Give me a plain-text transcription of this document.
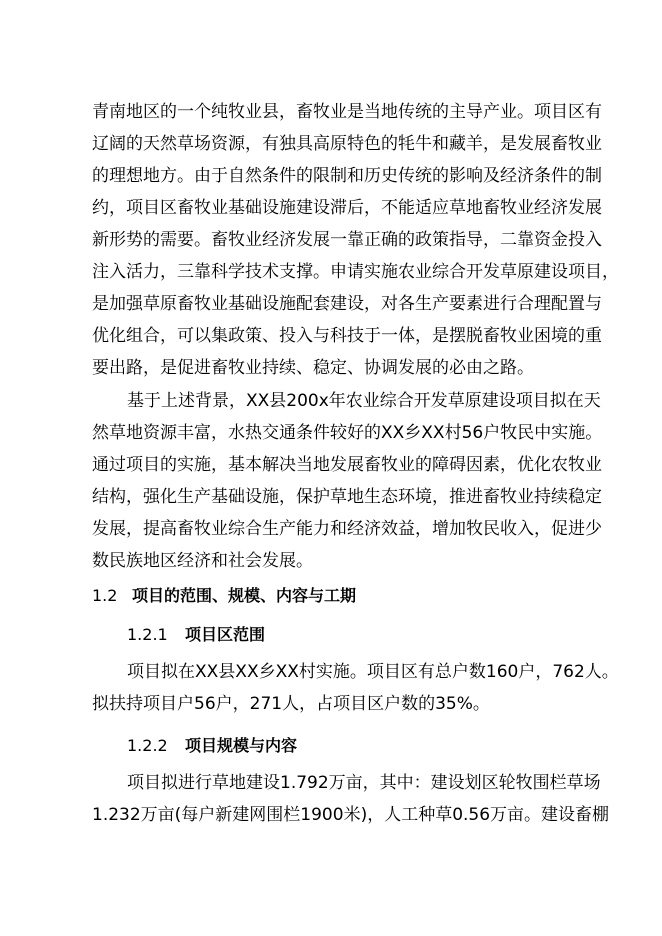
青南地区的一个纯牧业县，畜牧业是当地传统的主导产业。项目区有
辽阔的天然草场资源，有独具高原特色的牦牛和藏羊，是发展畜牧业
的理想地方。由于自然条件的限制和历史传统的影响及经济条件的制
约，项目区畜牧业基础设施建设滞后，不能适应草地畜牧业经济发展
新形势的需要。畜牧业经济发展一靠正确的政策指导，二靠资金投入
注入活力，三靠科学技术支撑。申请实施农业综合开发草原建设项目，
是加强草原畜牧业基础设施配套建设，对各生产要素进行合理配置与
优化组合，可以集政策、投入与科技于一体，是摆脱畜牧业困境的重
要出路，是促进畜牧业持续、稳定、协调发展的必由之路。
基于上述背景，XX县200x年农业综合开发草原建设项目拟在天
然草地资源丰富，水热交通条件较好的XX乡XX村56户牧民中实施。
通过项目的实施，基本解决当地发展畜牧业的障碍因素，优化农牧业
结构，强化生产基础设施，保护草地生态环境，推进畜牧业持续稳定
发展，提高畜牧业综合生产能力和经济效益，增加牧民收入，促进少
数民族地区经济和社会发展。
1.2 项目的范围、规模、内容与工期
1.2.1 项目区范围
项目拟在XX县XX乡XX村实施。项目区有总户数160户，762人。
拟扶持项目户56户，271人，占项目区户数的35%。
1.2.2 项目规模与内容
项目拟进行草地建设1.792万亩，其中：建设划区轮牧围栏草场
1.232万亩(每户新建网围栏1900米)，人工种草0.56万亩。建设畜棚
